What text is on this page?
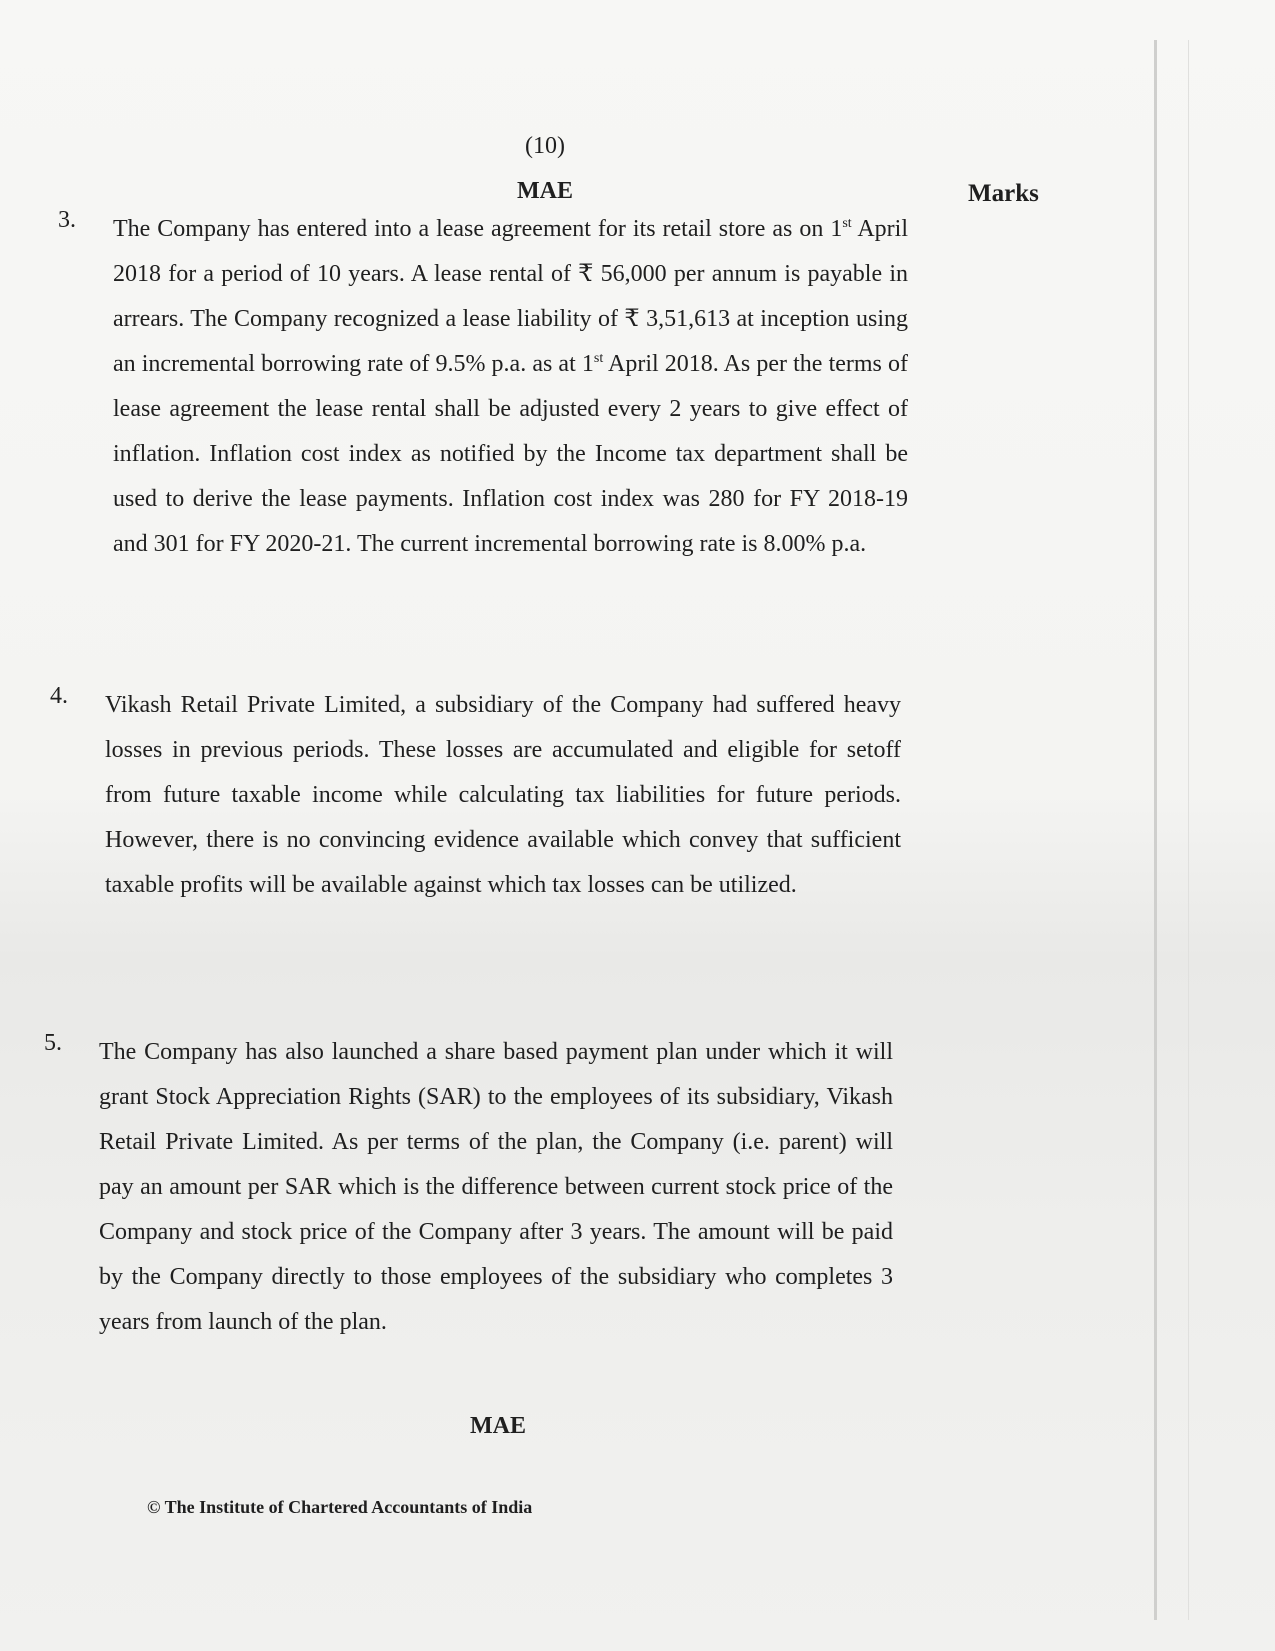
(10)
MAE	Marks
3. The Company has entered into a lease agreement for its retail store as on 1st April 2018 for a period of 10 years. A lease rental of ₹ 56,000 per annum is payable in arrears. The Company recognized a lease liability of ₹ 3,51,613 at inception using an incremental borrowing rate of 9.5% p.a. as at 1st April 2018. As per the terms of lease agreement the lease rental shall be adjusted every 2 years to give effect of inflation. Inflation cost index as notified by the Income tax department shall be used to derive the lease payments. Inflation cost index was 280 for FY 2018-19 and 301 for FY 2020-21. The current incremental borrowing rate is 8.00% p.a.
4. Vikash Retail Private Limited, a subsidiary of the Company had suffered heavy losses in previous periods. These losses are accumulated and eligible for setoff from future taxable income while calculating tax liabilities for future periods. However, there is no convincing evidence available which convey that sufficient taxable profits will be available against which tax losses can be utilized.
5. The Company has also launched a share based payment plan under which it will grant Stock Appreciation Rights (SAR) to the employees of its subsidiary, Vikash Retail Private Limited. As per terms of the plan, the Company (i.e. parent) will pay an amount per SAR which is the difference between current stock price of the Company and stock price of the Company after 3 years. The amount will be paid by the Company directly to those employees of the subsidiary who completes 3 years from launch of the plan.
MAE
© The Institute of Chartered Accountants of India
